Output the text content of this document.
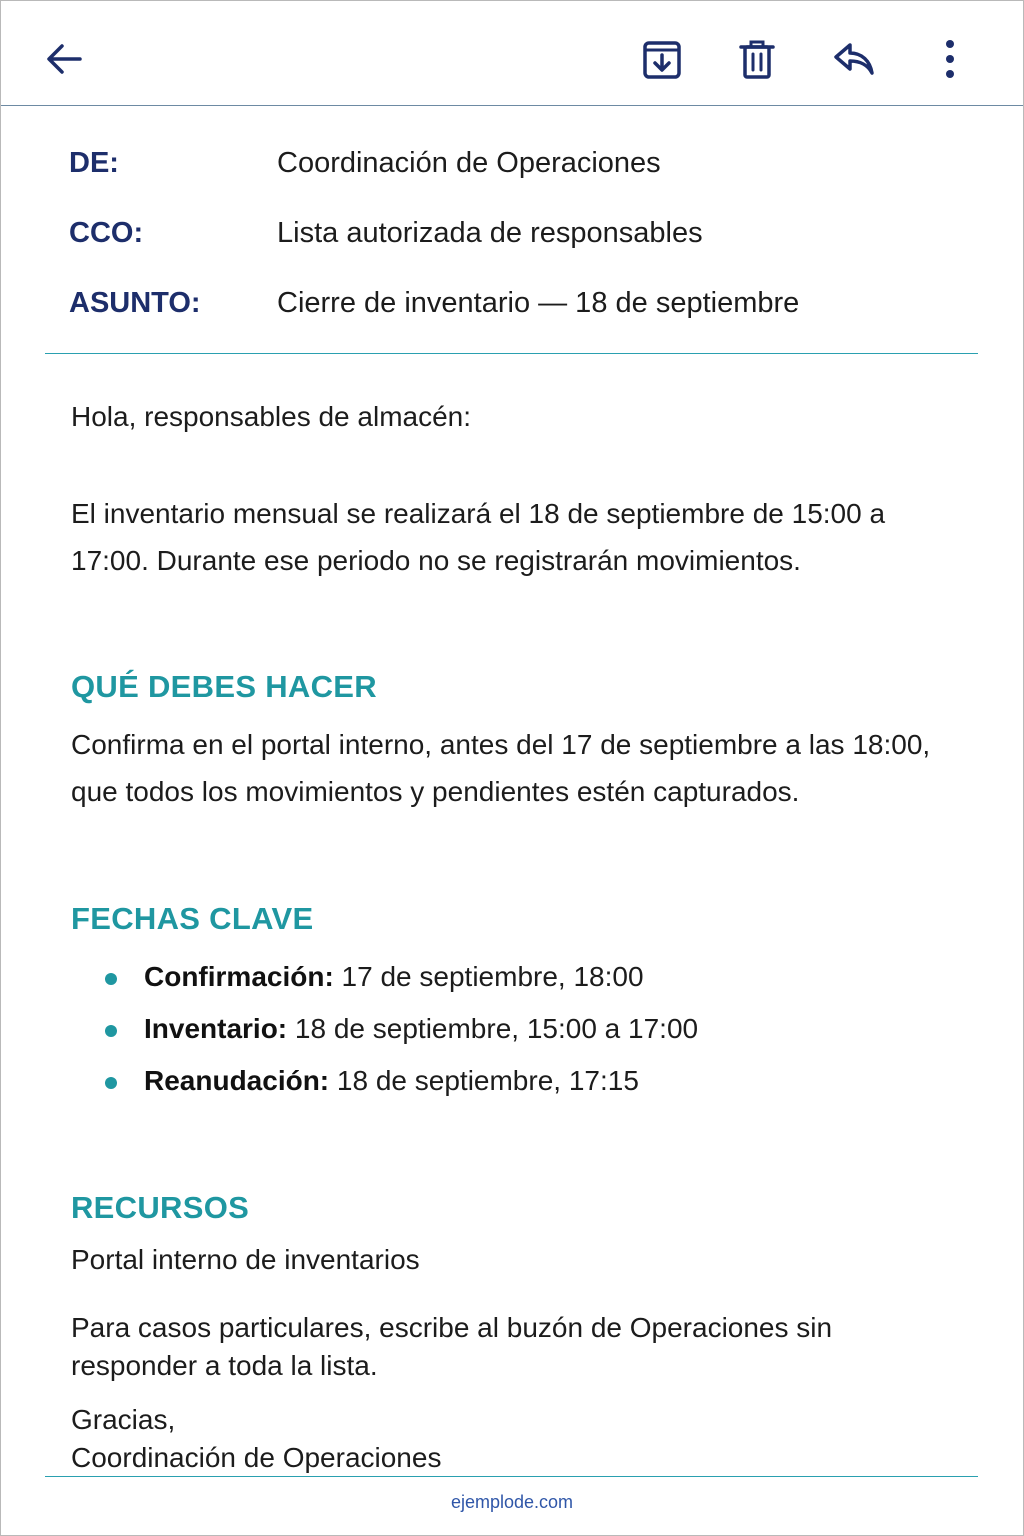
DE:	Coordinación de Operaciones
CCO:	Lista autorizada de responsables
ASUNTO:	Cierre de inventario — 18 de septiembre
Hola, responsables de almacén:
El inventario mensual se realizará el 18 de septiembre de 15:00 a
17:00. Durante ese periodo no se registrarán movimientos.
QUÉ DEBES HACER
Confirma en el portal interno, antes del 17 de septiembre a las 18:00,
que todos los movimientos y pendientes estén capturados.
FECHAS CLAVE
Confirmación: 17 de septiembre, 18:00
Inventario: 18 de septiembre, 15:00 a 17:00
Reanudación: 18 de septiembre, 17:15
RECURSOS
Portal interno de inventarios
Para casos particulares, escribe al buzón de Operaciones sin
responder a toda la lista.
Gracias,
Coordinación de Operaciones
ejemplode.com
